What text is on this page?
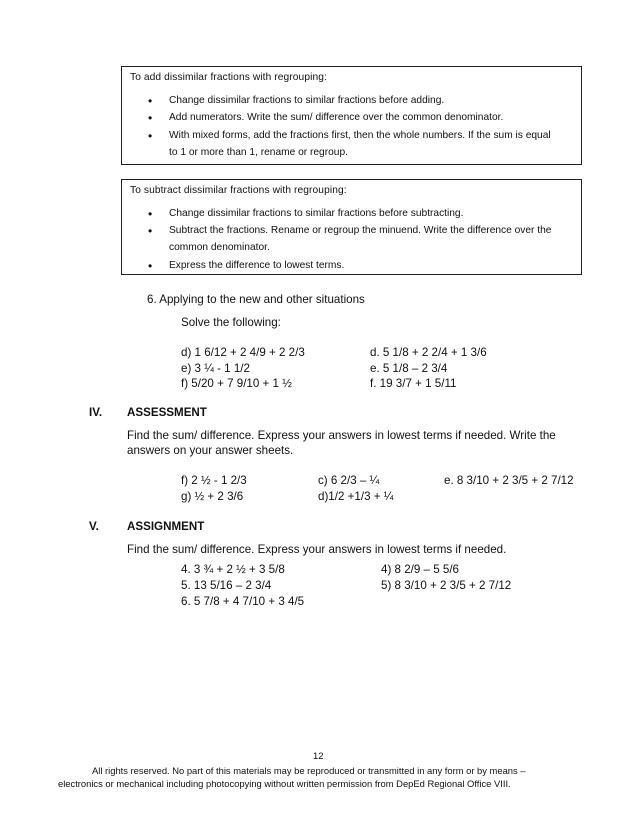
To add dissimilar fractions with regrouping:
• Change dissimilar fractions to similar fractions before adding.
• Add numerators. Write the sum/ difference over the common denominator.
• With mixed forms, add the fractions first, then the whole numbers. If the sum is equal
to 1 or more than 1, rename or regroup.
To subtract dissimilar fractions with regrouping:
• Change dissimilar fractions to similar fractions before subtracting.
• Subtract the fractions. Rename or regroup the minuend. Write the difference over the
common denominator.
• Express the difference to lowest terms.
6. Applying to the new and other situations
Solve the following:
d) 1 6/12 + 2 4/9 + 2 2/3
e) 3 ¼ - 1 1/2
f) 5/20 + 7 9/10 + 1 ½
d. 5 1/8 + 2 2/4 + 1 3/6
e. 5 1/8 – 2 3/4
f. 19 3/7 + 1 5/11
IV. ASSESSMENT
Find the sum/ difference. Express your answers in lowest terms if needed. Write the
answers on your answer sheets.
f) 2 ½ - 1 2/3
g) ½ + 2 3/6
c) 6 2/3 – ¼
d)1/2 +1/3 + ¼
e. 8 3/10 + 2 3/5 + 2 7/12
V. ASSIGNMENT
Find the sum/ difference. Express your answers in lowest terms if needed.
4. 3 ¾ + 2 ½ + 3 5/8
5. 13 5/16 – 2 3/4
6. 5 7/8 + 4 7/10 + 3 4/5
4) 8 2/9 – 5 5/6
5) 8 3/10 + 2 3/5 + 2 7/12
12
All rights reserved. No part of this materials may be reproduced or transmitted in any form or by means –
electronics or mechanical including photocopying without written permission from DepEd Regional Office VIII.
